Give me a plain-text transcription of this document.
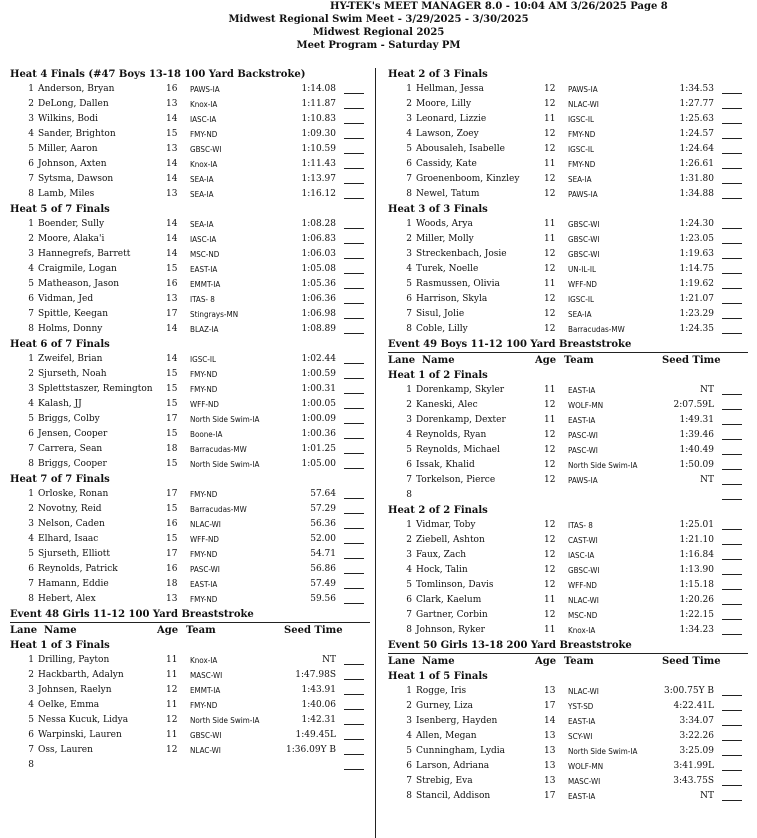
HY-TEK's MEET MANAGER 8.0 - 10:04 AM 3/26/2025 Page 8
Midwest Regional Swim Meet - 3/29/2025 - 3/30/2025
Midwest Regional 2025
Meet Program - Saturday PM
Heat 4 Finals (#47 Boys 13-18 100 Yard Backstroke)
1 Anderson, Bryan	16 PAWS-IA	1:14.08
2 DeLong, Dallen	13 Knox-IA	1:11.87
3 Wilkins, Bodi	14 IASC-IA	1:10.83
4 Sander, Brighton	15 FMY-ND	1:09.30
5 Miller, Aaron	13 GBSC-WI	1:10.59
6 Johnson, Axten	14 Knox-IA	1:11.43
7 Sytsma, Dawson	14 SEA-IA	1:13.97
8 Lamb, Miles	13 SEA-IA	1:16.12
Heat 5 of 7 Finals
1 Boender, Sully	14 SEA-IA	1:08.28
2 Moore, Alaka'i	14 IASC-IA	1:06.83
3 Hannegrefs, Barrett	14 MSC-ND	1:06.03
4 Craigmile, Logan	15 EAST-IA	1:05.08
5 Matheason, Jason	16 EMMT-IA	1:05.36
6 Vidman, Jed	13 ITAS- 8	1:06.36
7 Spittle, Keegan	17 Stingrays-MN	1:06.98
8 Holms, Donny	14 BLAZ-IA	1:08.89
Heat 6 of 7 Finals
1 Zweifel, Brian	14 IGSC-IL	1:02.44
2 Sjurseth, Noah	15 FMY-ND	1:00.59
3 Splettstaszer, Remington 15 FMY-ND	1:00.31
4 Kalash, JJ	15 WFF-ND	1:00.05
5 Briggs, Colby	17 North Side Swim-IA	1:00.09
6 Jensen, Cooper	15 Boone-IA	1:00.36
7 Carrera, Sean	18 Barracudas-MW	1:01.25
8 Briggs, Cooper	15 North Side Swim-IA	1:05.00
Heat 7 of 7 Finals
1 Orloske, Ronan	17 FMY-ND	57.64
2 Novotny, Reid	15 Barracudas-MW	57.29
3 Nelson, Caden	16 NLAC-WI	56.36
4 Elhard, Isaac	15 WFF-ND	52.00
5 Sjurseth, Elliott	17 FMY-ND	54.71
6 Reynolds, Patrick	16 PASC-WI	56.86
7 Hamann, Eddie	18 EAST-IA	57.49
8 Hebert, Alex	13 FMY-ND	59.56
Event 48 Girls 11-12 100 Yard Breaststroke
Lane Name	Age Team	Seed Time
Heat 1 of 3 Finals
1 Drilling, Payton	11 Knox-IA	NT
2 Hackbarth, Adalyn	11 MASC-WI	1:47.98S
3 Johnsen, Raelyn	12 EMMT-IA	1:43.91
4 Oelke, Emma	11 FMY-ND	1:40.06
5 Nessa Kucuk, Lidya	12 North Side Swim-IA	1:42.31
6 Warpinski, Lauren	11 GBSC-WI	1:49.45L
7 Oss, Lauren	12 NLAC-WI	1:36.09Y B
8
Heat 2 of 3 Finals
1 Hellman, Jessa	12 PAWS-IA	1:34.53
2 Moore, Lilly	12 NLAC-WI	1:27.77
3 Leonard, Lizzie	11 IGSC-IL	1:25.63
4 Lawson, Zoey	12 FMY-ND	1:24.57
5 Abousaleh, Isabelle	12 IGSC-IL	1:24.64
6 Cassidy, Kate	11 FMY-ND	1:26.61
7 Groenenboom, Kinzley	12 SEA-IA	1:31.80
8 Newel, Tatum	12 PAWS-IA	1:34.88
Heat 3 of 3 Finals
1 Woods, Arya	11 GBSC-WI	1:24.30
2 Miller, Molly	11 GBSC-WI	1:23.05
3 Streckenbach, Josie	12 GBSC-WI	1:19.63
4 Turek, Noelle	12 UN-IL-IL	1:14.75
5 Rasmussen, Olivia	11 WFF-ND	1:19.62
6 Harrison, Skyla	12 IGSC-IL	1:21.07
7 Sisul, Jolie	12 SEA-IA	1:23.29
8 Coble, Lilly	12 Barracudas-MW	1:24.35
Event 49 Boys 11-12 100 Yard Breaststroke
Lane Name	Age Team	Seed Time
Heat 1 of 2 Finals
1 Dorenkamp, Skyler	11 EAST-IA	NT
2 Kaneski, Alec	12 WOLF-MN	2:07.59L
3 Dorenkamp, Dexter	11 EAST-IA	1:49.31
4 Reynolds, Ryan	12 PASC-WI	1:39.46
5 Reynolds, Michael	12 PASC-WI	1:40.49
6 Issak, Khalid	12 North Side Swim-IA	1:50.09
7 Torkelson, Pierce	12 PAWS-IA	NT
8
Heat 2 of 2 Finals
1 Vidmar, Toby	12 ITAS- 8	1:25.01
2 Ziebell, Ashton	12 CAST-WI	1:21.10
3 Faux, Zach	12 IASC-IA	1:16.84
4 Hock, Talin	12 GBSC-WI	1:13.90
5 Tomlinson, Davis	12 WFF-ND	1:15.18
6 Clark, Kaelum	11 NLAC-WI	1:20.26
7 Gartner, Corbin	12 MSC-ND	1:22.15
8 Johnson, Ryker	11 Knox-IA	1:34.23
Event 50 Girls 13-18 200 Yard Breaststroke
Lane Name	Age Team	Seed Time
Heat 1 of 5 Finals
1 Rogge, Iris	13 NLAC-WI	3:00.75Y B
2 Gurney, Liza	17 YST-SD	4:22.41L
3 Isenberg, Hayden	14 EAST-IA	3:34.07
4 Allen, Megan	13 SCY-WI	3:22.26
5 Cunningham, Lydia	13 North Side Swim-IA	3:25.09
6 Larson, Adriana	13 WOLF-MN	3:41.99L
7 Strebig, Eva	13 MASC-WI	3:43.75S
8 Stancil, Addison	17 EAST-IA	NT
